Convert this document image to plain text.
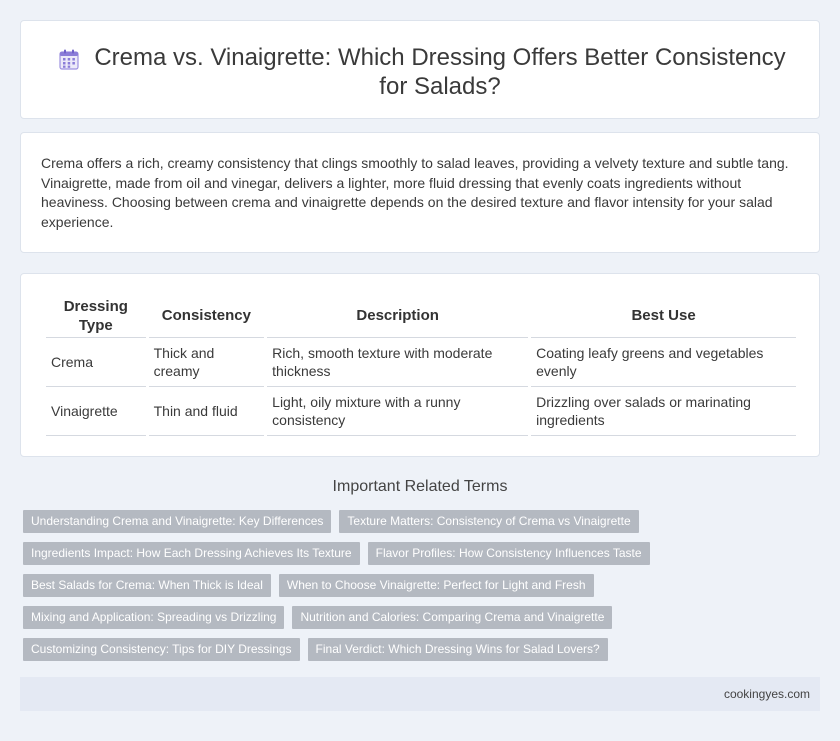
Crema vs. Vinaigrette: Which Dressing Offers Better Consistency for Salads?

Crema offers a rich, creamy consistency that clings smoothly to salad leaves, providing a velvety texture and subtle tang. Vinaigrette, made from oil and vinegar, delivers a lighter, more fluid dressing that evenly coats ingredients without heaviness. Choosing between crema and vinaigrette depends on the desired texture and flavor intensity for your salad experience.

Dressing Type	Consistency	Description	Best Use
Crema	Thick and creamy	Rich, smooth texture with moderate thickness	Coating leafy greens and vegetables evenly
Vinaigrette	Thin and fluid	Light, oily mixture with a runny consistency	Drizzling over salads or marinating ingredients
Important Related Terms
Understanding Crema and Vinaigrette: Key Differences	Texture Matters: Consistency of Crema vs Vinaigrette
Ingredients Impact: How Each Dressing Achieves Its Texture	Flavor Profiles: How Consistency Influences Taste
Best Salads for Crema: When Thick is Ideal	When to Choose Vinaigrette: Perfect for Light and Fresh
Mixing and Application: Spreading vs Drizzling	Nutrition and Calories: Comparing Crema and Vinaigrette
Customizing Consistency: Tips for DIY Dressings	Final Verdict: Which Dressing Wins for Salad Lovers?
cookingyes.com
